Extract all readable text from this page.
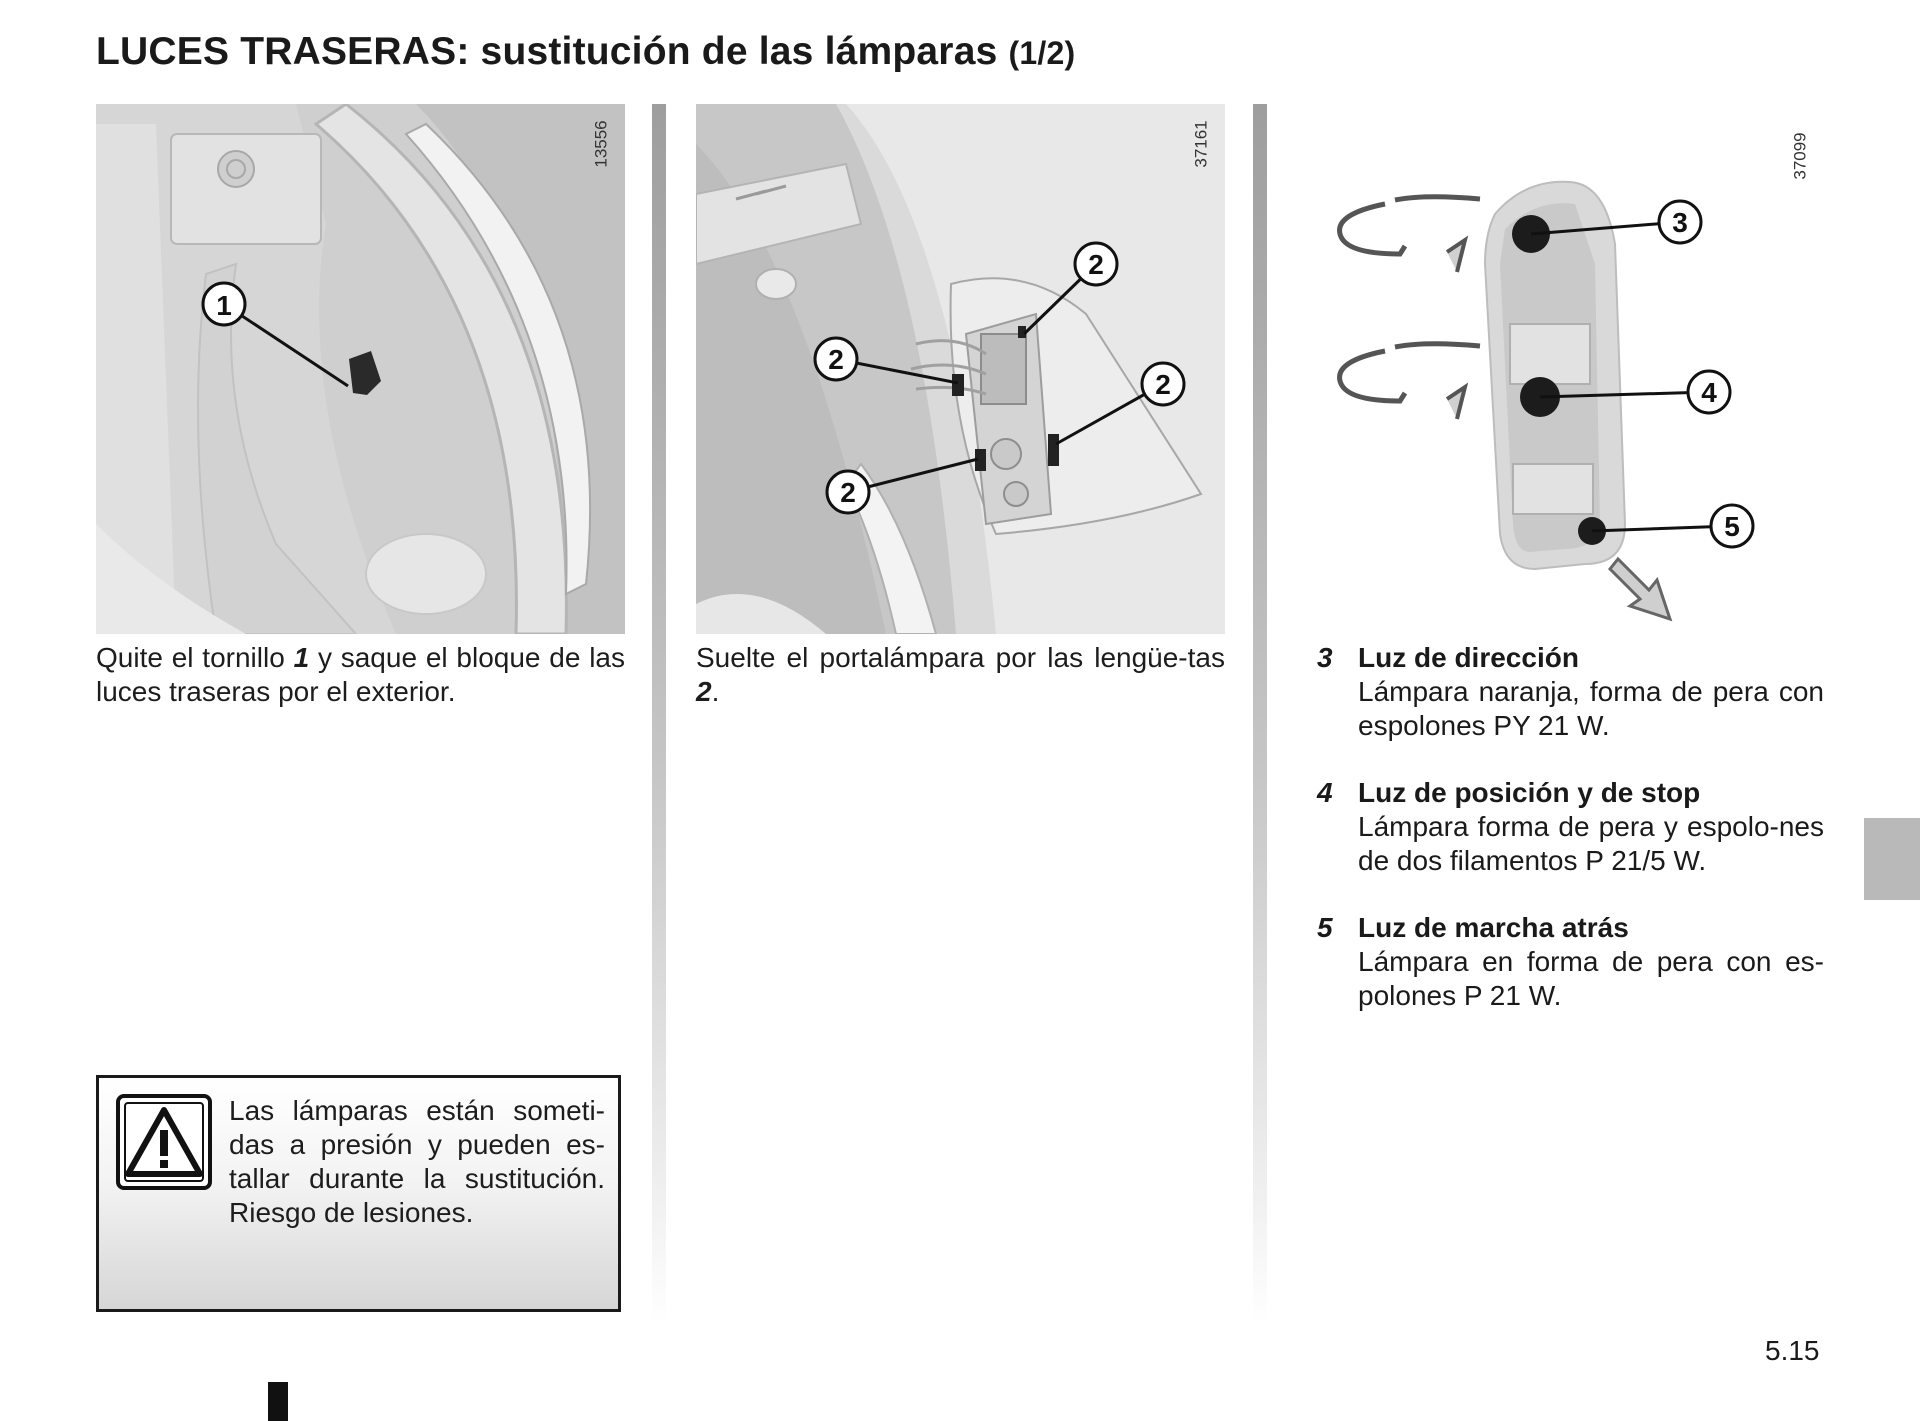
LUCES TRASERAS: sustitución de las lámparas (1/2)
1
13556
2
2
2
2
37161
3
4
5
37099

Quite el tornillo 1 y saque el bloque de las luces traseras por el exterior.

Suelte el portalámpara por las lengüe-tas 2.

3 Luz de dirección
Lámpara naranja, forma de pera con espolones PY 21 W.
4 Luz de posición y de stop
Lámpara forma de pera y espolo-nes de dos filamentos P 21/5 W.
5 Luz de marcha atrás
Lámpara en forma de pera con es-polones P 21 W.

Las lámparas están someti-das a presión y pueden es-tallar durante la sustitución. Riesgo de lesiones.

5.15
